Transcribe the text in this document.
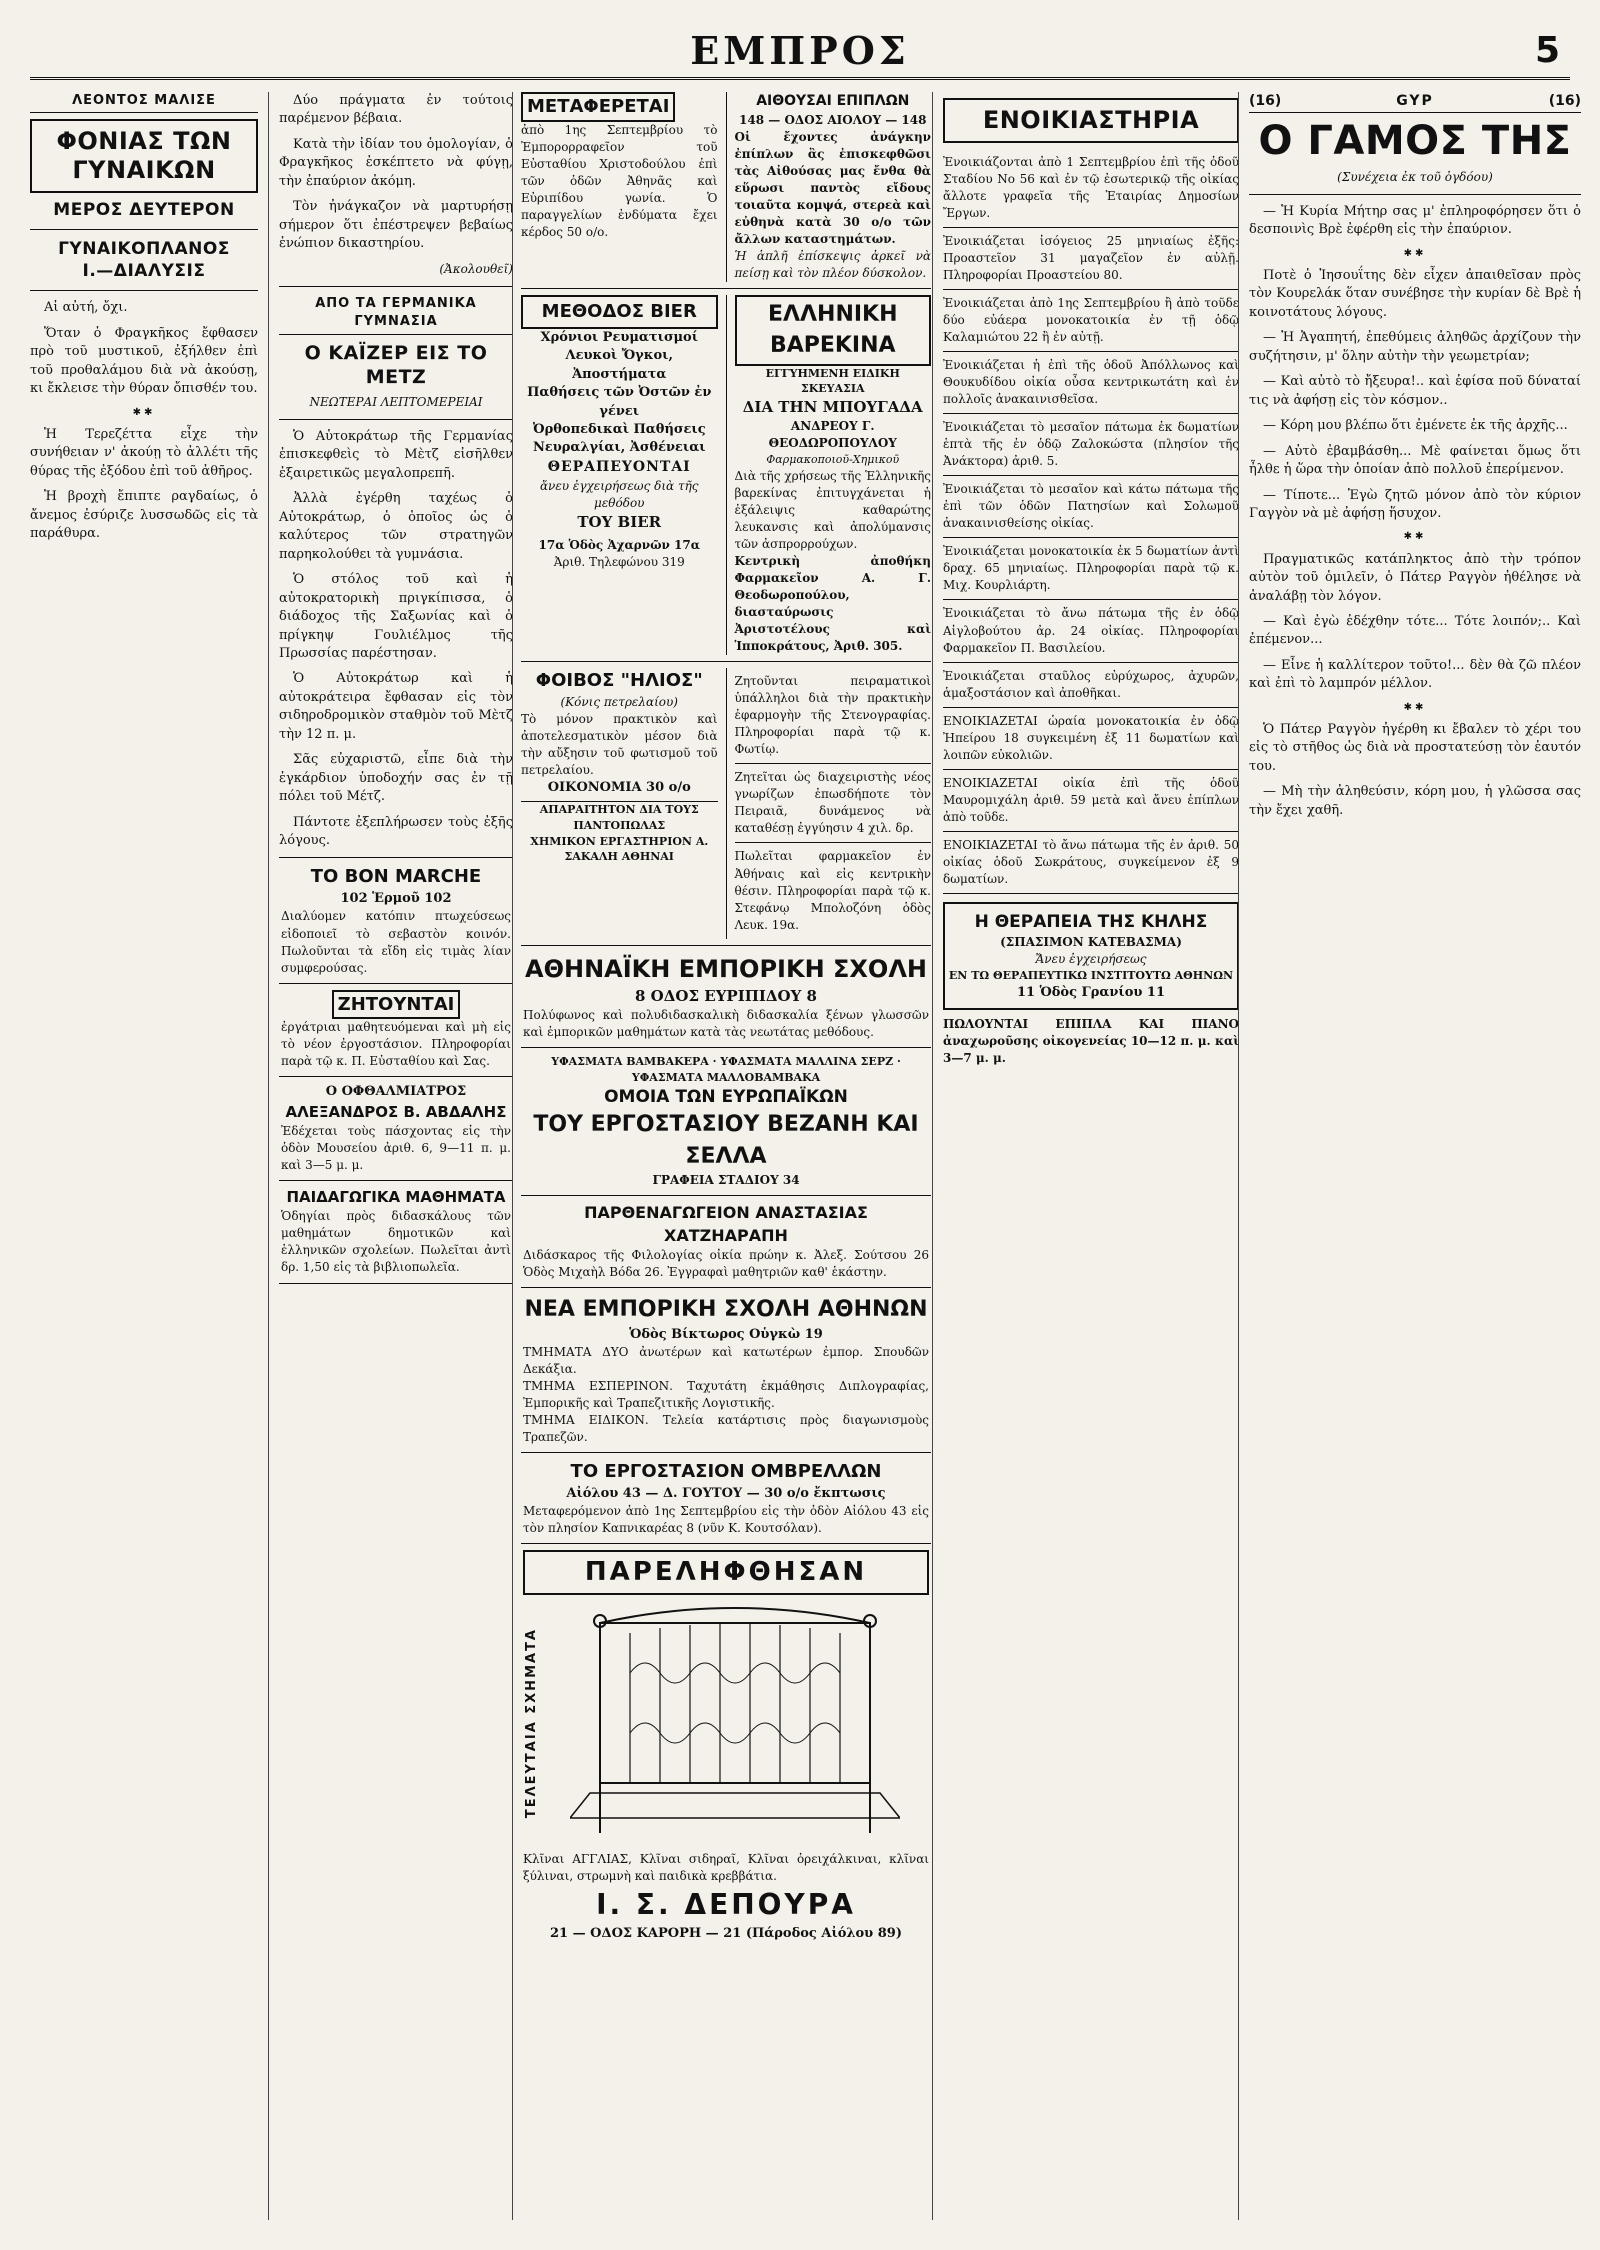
ΕΜΠΡΟΣ	5
ΛΕΟΝΤΟΣ ΜΑΛΙΣΕ
ΦΟΝΙΑΣ ΤΩΝ ΓΥΝΑΙΚΩΝ
ΜΕΡΟΣ ΔΕΥΤΕΡΟΝ
ΓΥΝΑΙΚΟΠΛΑΝΟΣ
Ι.—ΔΙΑΛΥΣΙΣ

Αἱ αὐτή, ὄχι.

Ὅταν ὁ Φραγκῆκος ἔφθασεν πρὸ τοῦ μυστικοῦ, ἐξήλθεν ἐπὶ τοῦ προθαλάμου διὰ νὰ ἀκούσῃ, κι ἔκλεισε τὴν θύραν ὄπισθέν του.

✱✱

Ἡ Τερεζέττα εἶχε τὴν συνήθειαν ν' ἀκούῃ τὸ ἀλλέτι τῆς θύρας τῆς ἐξόδου ἐπὶ τοῦ ἀθῆρος.

Ἡ βροχὴ ἔπιπτε ραγδαίως, ὁ ἄνεμος ἐσύριζε λυσσωδῶς εἰς τὰ παράθυρα.

Δύο πράγματα ἐν τούτοις παρέμενον βέβαια.

Κατὰ τὴν ἰδίαν του ὁμολογίαν, ὁ Φραγκῆκος ἐσκέπτετο νὰ φύγῃ, τὴν ἐπαύριον ἀκόμη.

Τὸν ἠνάγκαζον νὰ μαρτυρήσῃ σήμερον ὅτι ἐπέστρεψεν βεβαίως ἐνώπιον δικαστηρίου.

(Ἀκολουθεῖ)
ΑΠΟ ΤΑ ΓΕΡΜΑΝΙΚΑ ΓΥΜΝΑΣΙΑ
Ο ΚΑΪΖΕΡ ΕΙΣ ΤΟ ΜΕΤΖ
ΝΕΩΤΕΡΑΙ ΛΕΠΤΟΜΕΡΕΙΑΙ

Ὁ Αὐτοκράτωρ τῆς Γερμανίας ἐπισκεφθεὶς τὸ Μὲτζ εἰσῆλθεν ἐξαιρετικῶς μεγαλοπρεπῆ.

Ἀλλὰ ἐγέρθη ταχέως ὁ Αὐτοκράτωρ, ὁ ὁποῖος ὡς ὁ καλύτερος τῶν στρατηγῶν παρηκολούθει τὰ γυμνάσια.

Ὁ στόλος τοῦ καὶ ἡ αὐτοκρατορικὴ πριγκίπισσα, ὁ διάδοχος τῆς Σαξωνίας καὶ ὁ πρίγκηψ Γουλιέλμος τῆς Πρωσσίας παρέστησαν.

Ὁ Αὐτοκράτωρ καὶ ἡ αὐτοκράτειρα ἔφθασαν εἰς τὸν σιδηροδρομικὸν σταθμὸν τοῦ Μὲτζ τὴν 12 π. μ.

Σᾶς εὐχαριστῶ, εἶπε διὰ τὴν ἐγκάρδιον ὑποδοχήν σας ἐν τῇ πόλει τοῦ Μέτζ.

Πάντοτε ἐξεπλήρωσεν τοὺς ἐξῆς λόγους.

TO BON MARCHE
102 Ἑρμοῦ 102
Διαλύομεν κατόπιν πτωχεύσεως εἰδοποιεῖ τὸ σεβαστὸν κοινόν. Πωλοῦνται τὰ εἴδη εἰς τιμὰς λίαν συμφερούσας.
ΖΗΤΟΥΝΤΑΙ
ἐργάτριαι μαθητευόμεναι καὶ μὴ εἰς τὸ νέον ἐργοστάσιον. Πληροφορίαι παρὰ τῷ κ. Π. Εὐσταθίου καὶ Σας.
Ο ΟΦΘΑΛΜΙΑΤΡΟΣ
ΑΛΕΞΑΝΔΡΟΣ Β. ΑΒΔΑΛΗΣ
Ἐδέχεται τοὺς πάσχοντας εἰς τὴν ὁδὸν Μουσείου ἀριθ. 6, 9—11 π. μ. καὶ 3—5 μ. μ.
ΠΑΙΔΑΓΩΓΙΚΑ ΜΑΘΗΜΑΤΑ
Ὁδηγίαι πρὸς διδασκάλους τῶν μαθημάτων δημοτικῶν καὶ ἑλληνικῶν σχολείων. Πωλεῖται ἀντὶ δρ. 1,50 εἰς τὰ βιβλιοπωλεῖα.
ΜΕΤΑΦΕΡΕΤΑΙ
ἀπὸ 1ης Σεπτεμβρίου τὸ Ἐμπορορραφεῖον τοῦ Εὐσταθίου Χριστοδούλου ἐπὶ τῶν ὁδῶν Ἀθηνᾶς καὶ Εὐριπίδου γωνία. Ὁ παραγγελίων ἐνδύματα ἔχει κέρδος 50 ο/ο.
ΑΙΘΟΥΣΑΙ ΕΠΙΠΛΩΝ
148 — ΟΔΟΣ ΑΙΟΛΟΥ — 148
Οἱ ἔχοντες ἀνάγκην ἐπίπλων ἂς ἐπισκεφθῶσι τὰς Αἰθούσας μας ἔνθα θὰ εὕρωσι παντὸς εἴδους τοιαῦτα κομψά, στερεὰ καὶ εὐθηνὰ κατὰ 30 ο/ο τῶν ἄλλων καταστημάτων.
Ἡ ἁπλῆ ἐπίσκεψις ἀρκεῖ νὰ πείσῃ καὶ τὸν πλέον δύσκολον.
ΜΕΘΟΔΟΣ BIER
Χρόνιοι Ρευματισμοί
Λευκοὶ Ὄγκοι, Ἀποστήματα
Παθήσεις τῶν Ὀστῶν ἐν γένει
Ὀρθοπεδικαὶ Παθήσεις
Νευραλγίαι, Ἀσθένειαι
ΘΕΡΑΠΕΥΟΝΤΑΙ
ἄνευ ἐγχειρήσεως διὰ τῆς μεθόδου
ΤΟΥ BIER
17α Ὁδὸς Ἀχαρνῶν 17α
Ἀριθ. Τηλεφώνου 319
ΕΛΛΗΝΙΚΗ ΒΑΡΕΚΙΝΑ
ΕΓΓΥΗΜΕΝΗ ΕΙΔΙΚΗ ΣΚΕΥΑΣΙΑ
ΔΙΑ ΤΗΝ ΜΠΟΥΓΑΔΑ
ΑΝΔΡΕΟΥ Γ. ΘΕΟΔΩΡΟΠΟΥΛΟΥ
Φαρμακοποιοῦ-Χημικοῦ
Διὰ τῆς χρήσεως τῆς Ἑλληνικῆς βαρεκίνας ἐπιτυγχάνεται ἡ ἐξάλειψις καθαρώτης λευκανσις καὶ ἀπολύμανσις τῶν ἀσπρορρούχων.
Κεντρικὴ ἀποθήκη Φαρμακεῖον Α. Γ. Θεοδωροπούλου, διασταύρωσις Ἀριστοτέλους καὶ Ἱπποκράτους, Ἀριθ. 305.
ΦΟΙΒΟΣ "ΗΛΙΟΣ"
(Κόνις πετρελαίου)
Τὸ μόνον πρακτικὸν καὶ ἀποτελεσματικὸν μέσον διὰ τὴν αὔξησιν τοῦ φωτισμοῦ τοῦ πετρελαίου.
ΟΙΚΟΝΟΜΙΑ 30 ο/ο
ΑΠΑΡΑΙΤΗΤΟΝ ΔΙΑ ΤΟΥΣ ΠΑΝΤΟΠΩΛΑΣ
ΧΗΜΙΚΟΝ ΕΡΓΑΣΤΗΡΙΟΝ Α. ΣΑΚΑΛΗ ΑΘΗΝΑΙ
Ζητοῦνται πειραματικοὶ ὑπάλληλοι διὰ τὴν πρακτικὴν ἐφαρμογὴν τῆς Στενογραφίας. Πληροφορίαι παρὰ τῷ κ. Φωτίῳ.
Ζητεῖται ὡς διαχειριστὴς νέος γνωρίζων ἐπωσδήποτε τὸν Πειραιᾶ, δυνάμενος νὰ καταθέσῃ ἐγγύησιν 4 χιλ. δρ.
Πωλεῖται φαρμακεῖον ἐν Ἀθήναις καὶ εἰς κεντρικὴν θέσιν. Πληροφορίαι παρὰ τῷ κ. Στεφάνῳ Μπολοζόνη ὁδὸς Λευκ. 19α.
ΑΘΗΝΑΪΚΗ ΕΜΠΟΡΙΚΗ ΣΧΟΛΗ
8 ΟΔΟΣ ΕΥΡΙΠΙΔΟΥ 8
Πολύφωνος καὶ πολυδιδασκαλικὴ διδασκαλία ξένων γλωσσῶν καὶ ἐμπορικῶν μαθημάτων κατὰ τὰς νεωτάτας μεθόδους.
ΥΦΑΣΜΑΤΑ ΒΑΜΒΑΚΕΡΑ · ΥΦΑΣΜΑΤΑ ΜΑΛΛΙΝΑ ΣΕΡΖ · ΥΦΑΣΜΑΤΑ ΜΑΛΛΟΒΑΜΒΑΚΑ
ΟΜΟΙΑ ΤΩΝ ΕΥΡΩΠΑΪΚΩΝ
ΤΟΥ ΕΡΓΟΣΤΑΣΙΟΥ ΒΕΖΑΝΗ ΚΑΙ ΣΕΛΛΑ
ΓΡΑΦΕΙΑ ΣΤΑΔΙΟΥ 34
ΠΑΡΘΕΝΑΓΩΓΕΙΟΝ ΑΝΑΣΤΑΣΙΑΣ ΧΑΤΖΗΑΡΑΠΗ
Διδάσκαρος τῆς Φιλολογίας οἰκία πρώην κ. Ἀλεξ. Σούτσου 26 Ὁδὸς Μιχαὴλ Βόδα 26. Ἐγγραφαὶ μαθητριῶν καθ' ἑκάστην.
ΝΕΑ ΕΜΠΟΡΙΚΗ ΣΧΟΛΗ ΑΘΗΝΩΝ
Ὁδὸς Βίκτωρος Οὑγκὼ 19
ΤΜΗΜΑΤΑ ΔΥΟ ἀνωτέρων καὶ κατωτέρων ἐμπορ. Σπουδῶν Δεκάξια.
ΤΜΗΜΑ ΕΣΠΕΡΙΝΟΝ. Ταχυτάτη ἐκμάθησις Διπλογραφίας, Ἐμπορικῆς καὶ Τραπεζιτικῆς Λογιστικῆς.
ΤΜΗΜΑ ΕΙΔΙΚΟΝ. Τελεία κατάρτισις πρὸς διαγωνισμοὺς Τραπεζῶν.
ΤΟ ΕΡΓΟΣΤΑΣΙΟΝ ΟΜΒΡΕΛΛΩΝ
Αἰόλου 43 — Δ. ΓΟΥΤΟΥ — 30 ο/ο ἔκπτωσις
Μεταφερόμενον ἀπὸ 1ης Σεπτεμβρίου εἰς τὴν ὁδὸν Αἰόλου 43 εἰς τὸν πλησίον Καπνικαρέας 8 (νῦν Κ. Κουτσόλαν).
ΠΑΡΕΛΗΦΘΗΣΑΝ
ΤΕΛΕΥΤΑΙΑ ΣΧΗΜΑΤΑ
Κλῖναι ΑΓΓΛΙΑΣ, Κλῖναι σιδηραῖ, Κλῖναι ὀρειχάλκιναι, κλῖναι ξύλιναι, στρωμνὴ καὶ παιδικὰ κρεββάτια.
Ι. Σ. ΔΕΠΟΥΡΑ
21 — ΟΔΟΣ ΚΑΡΟΡΗ — 21 (Πάροδος Αἰόλου 89)
ΕΝΟΙΚΙΑΣΤΗΡΙΑ
Ἐνοικιάζονται ἀπὸ 1 Σεπτεμβρίου ἐπὶ τῆς ὁδοῦ Σταδίου Νο 56 καὶ ἐν τῷ ἐσωτερικῷ τῆς οἰκίας ἄλλοτε γραφεῖα τῆς Ἑταιρίας Δημοσίων Ἔργων.
Ἐνοικιάζεται ἰσόγειος 25 μηνιαίως ἐξῆς: Προαστεῖον 31 μαγαζεῖον ἐν αὐλῇ. Πληροφορίαι Προαστείου 80.
Ἐνοικιάζεται ἀπὸ 1ης Σεπτεμβρίου ἢ ἀπὸ τοῦδε δύο εὐάερα μονοκατοικία ἐν τῇ ὁδῷ Καλαμιώτου 22 ἢ ἐν αὐτῇ.
Ἐνοικιάζεται ἡ ἐπὶ τῆς ὁδοῦ Ἀπόλλωνος καὶ Θουκυδίδου οἰκία οὖσα κεντρικωτάτη καὶ ἐν πολλοῖς ἀνακαινισθεῖσα.
Ἐνοικιάζεται τὸ μεσαῖον πάτωμα ἐκ δωματίων ἑπτὰ τῆς ἐν ὁδῷ Ζαλοκώστα (πλησίον τῆς Ἀνάκτορα) ἀριθ. 5.
Ἐνοικιάζεται τὸ μεσαῖον καὶ κάτω πάτωμα τῆς ἐπὶ τῶν ὁδῶν Πατησίων καὶ Σολωμοῦ ἀνακαινισθείσης οἰκίας.
Ἐνοικιάζεται μονοκατοικία ἐκ 5 δωματίων ἀντὶ δραχ. 65 μηνιαίως. Πληροφορίαι παρὰ τῷ κ. Μιχ. Κουρλιάρτη.
Ἐνοικιάζεται τὸ ἄνω πάτωμα τῆς ἐν ὁδῷ Αἰγλοβούτου ἀρ. 24 οἰκίας. Πληροφορίαι Φαρμακεῖον Π. Βασιλείου.
Ἐνοικιάζεται σταῦλος εὐρύχωρος, ἀχυρῶν, ἁμαξοστάσιον καὶ ἀποθῆκαι.
ΕΝΟΙΚΙΑΖΕΤΑΙ ὡραία μονοκατοικία ἐν ὁδῷ Ἠπείρου 18 συγκειμένη ἐξ 11 δωματίων καὶ λοιπῶν εὐκολιῶν.
ΕΝΟΙΚΙΑΖΕΤΑΙ οἰκία ἐπὶ τῆς ὁδοῦ Μαυρομιχάλη ἀριθ. 59 μετὰ καὶ ἄνευ ἐπίπλων ἀπὸ τοῦδε.
ΕΝΟΙΚΙΑΖΕΤΑΙ τὸ ἄνω πάτωμα τῆς ἐν ἀριθ. 50 οἰκίας ὁδοῦ Σωκράτους, συγκείμενον ἐξ 9 δωματίων.
Η ΘΕΡΑΠΕΙΑ ΤΗΣ ΚΗΛΗΣ
(ΣΠΑΣΙΜΟΝ ΚΑΤΕΒΑΣΜΑ)
Ἄνευ ἐγχειρήσεως
ΕΝ ΤΩ ΘΕΡΑΠΕΥΤΙΚΩ ΙΝΣΤΙΤΟΥΤΩ ΑΘΗΝΩΝ
11 Ὁδὸς Γρανίου 11
ΠΩΛΟΥΝΤΑΙ ΕΠΙΠΛΑ ΚΑΙ ΠΙΑΝΟ ἀναχωροῦσης οἰκογενείας 10—12 π. μ. καὶ 3—7 μ. μ.
(16)	GYP	(16)
Ο ΓΑΜΟΣ ΤΗΣ
(Συνέχεια ἐκ τοῦ ὀγδόου)

— Ἡ Κυρία Μήτηρ σας μ' ἐπληροφόρησεν ὅτι ὁ δεσποινὶς Βρὲ ἐφέρθη εἰς τὴν ἐπαύριον.

✱✱

Ποτὲ ὁ Ἰησουΐτης δὲν εἶχεν ἀπαιθεῖσαν πρὸς τὸν Κουρελάκ ὅταν συνέβησε τὴν κυρίαν δὲ Βρὲ ἡ κοινοτάτους λόγους.

— Ἡ Ἀγαπητή, ἐπεθύμεις ἀληθῶς ἀρχίζουν τὴν συζήτησιν, μ' ὅλην αὐτὴν τὴν γεωμετρίαν;

— Καὶ αὐτὸ τὸ ἤξευρα!.. καὶ ἐφίσα ποῦ δύναταί τις νὰ ἀφήσῃ εἰς τὸν κόσμον..

— Κόρη μου βλέπω ὅτι ἐμένετε ἐκ τῆς ἀρχῆς...

— Αὐτὸ ἐβαμβάσθη... Μὲ φαίνεται ὅμως ὅτι ἦλθε ἡ ὥρα τὴν ὁποίαν ἀπὸ πολλοῦ ἐπερίμενον.

— Τίποτε... Ἐγὼ ζητῶ μόνον ἀπὸ τὸν κύριον Γαγγὸν νὰ μὲ ἀφήσῃ ἥσυχον.

✱✱

Πραγματικῶς κατάπληκτος ἀπὸ τὴν τρόπον αὐτὸν τοῦ ὁμιλεῖν, ὁ Πάτερ Ραγγὸν ἠθέλησε νὰ ἀναλάβῃ τὸν λόγον.

— Καὶ ἐγὼ ἐδέχθην τότε... Τότε λοιπόν;.. Καὶ ἐπέμενον...

— Εἶνε ἡ καλλίτερον τοῦτο!... δὲν θὰ ζῶ πλέον καὶ ἐπὶ τὸ λαμπρόν μέλλον.

✱✱

Ὁ Πάτερ Ραγγὸν ἠγέρθη κι ἔβαλεν τὸ χέρι του εἰς τὸ στῆθος ὡς διὰ νὰ προστατεύσῃ τὸν ἑαυτόν του.

— Μὴ τὴν ἀληθεύσιν, κόρη μου, ἡ γλῶσσα σας τὴν ἔχει χαθῆ.
